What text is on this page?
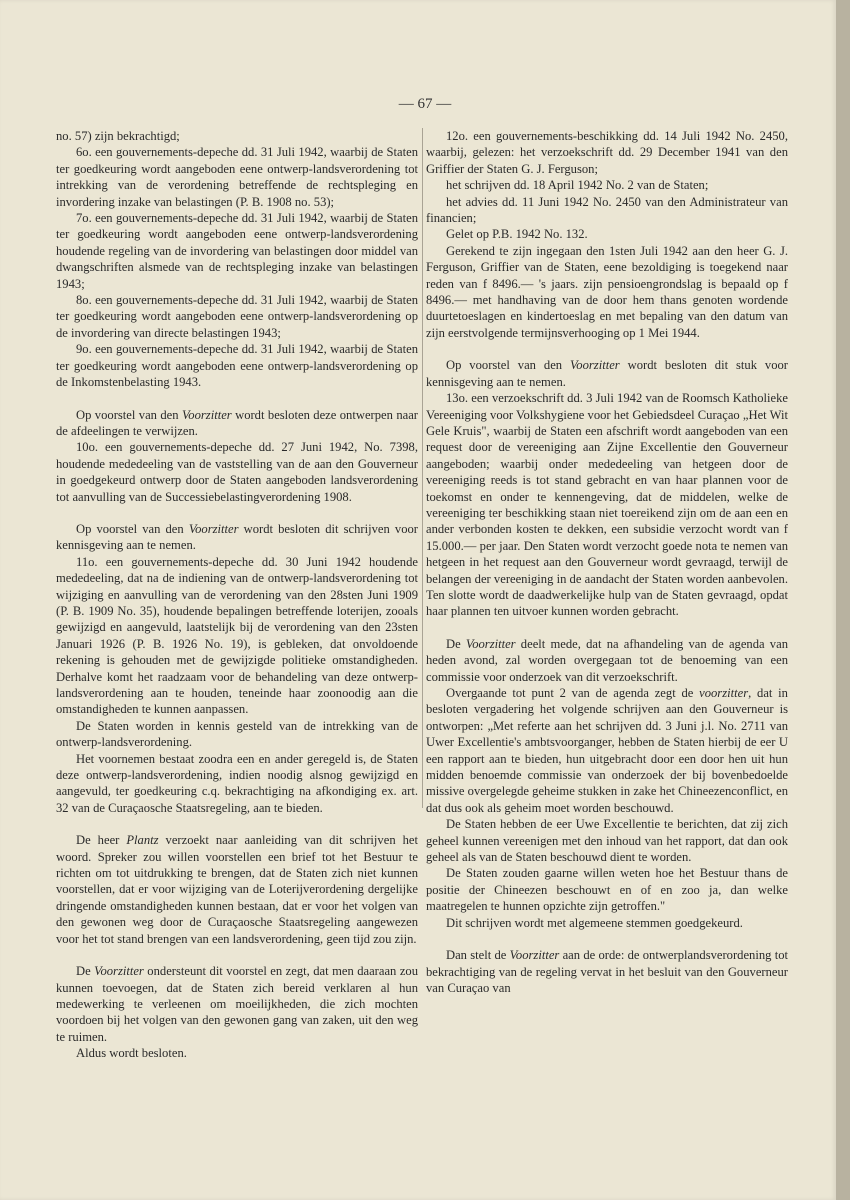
— 67 —

no. 57) zijn bekrachtigd;

6o. een gouvernements-depeche dd. 31 Juli 1942, waarbij de Staten ter goedkeuring wordt aangeboden eene ontwerp-landsverordening tot intrekking van de verordening betreffende de rechtspleging en invordering inzake van belastingen (P. B. 1908 no. 53);

7o. een gouvernements-depeche dd. 31 Juli 1942, waarbij de Staten ter goedkeuring wordt aangeboden eene ontwerp-landsverordening houdende regeling van de invordering van belastingen door middel van dwangschriften alsmede van de rechtspleging inzake van belastingen 1943;

8o. een gouvernements-depeche dd. 31 Juli 1942, waarbij de Staten ter goedkeuring wordt aangeboden eene ontwerp-landsverordening op de invordering van directe belastingen 1943;

9o. een gouvernements-depeche dd. 31 Juli 1942, waarbij de Staten ter goedkeuring wordt aangeboden eene ontwerp-landsverordening op de Inkomstenbelasting 1943.

Op voorstel van den Voorzitter wordt besloten deze ontwerpen naar de afdeelingen te verwijzen.

10o. een gouvernements-depeche dd. 27 Juni 1942, No. 7398, houdende mededeeling van de vaststelling van de aan den Gouverneur in goedgekeurd ontwerp door de Staten aangeboden landsverordening tot aanvulling van de Successiebelastingverordening 1908.

Op voorstel van den Voorzitter wordt besloten dit schrijven voor kennisgeving aan te nemen.

11o. een gouvernements-depeche dd. 30 Juni 1942 houdende mededeeling, dat na de indiening van de ontwerp-landsverordening tot wijziging en aanvulling van de verordening van den 28sten Juni 1909 (P. B. 1909 No. 35), houdende bepalingen betreffende loterijen, zooals gewijzigd en aangevuld, laatstelijk bij de verordening van den 23sten Januari 1926 (P. B. 1926 No. 19), is gebleken, dat onvoldoende rekening is gehouden met de gewijzigde politieke omstandigheden. Derhalve komt het raadzaam voor de behandeling van deze ontwerp-landsverordening aan te houden, teneinde haar zoonoodig aan die omstandigheden te kunnen aanpassen.

De Staten worden in kennis gesteld van de intrekking van de ontwerp-landsverordening.

Het voornemen bestaat zoodra een en ander geregeld is, de Staten deze ontwerp-landsverordening, indien noodig alsnog gewijzigd en aangevuld, ter goedkeuring c.q. bekrachtiging na afkondiging ex. art. 32 van de Curaçaosche Staatsregeling, aan te bieden.

De heer Plantz verzoekt naar aanleiding van dit schrijven het woord. Spreker zou willen voorstellen een brief tot het Bestuur te richten om tot uitdrukking te brengen, dat de Staten zich niet kunnen voorstellen, dat er voor wijziging van de Loterijverordening dergelijke dringende omstandigheden kunnen bestaan, dat er voor het volgen van den gewonen weg door de Curaçaosche Staatsregeling aangewezen voor het tot stand brengen van een landsverordening, geen tijd zou zijn.

De Voorzitter ondersteunt dit voorstel en zegt, dat men daaraan zou kunnen toevoegen, dat de Staten zich bereid verklaren al hun medewerking te verleenen om moeilijkheden, die zich mochten voordoen bij het volgen van den gewonen gang van zaken, uit den weg te ruimen.

Aldus wordt besloten.

12o. een gouvernements-beschikking dd. 14 Juli 1942 No. 2450, waarbij, gelezen: het verzoekschrift dd. 29 December 1941 van den Griffier der Staten G. J. Ferguson;

het schrijven dd. 18 April 1942 No. 2 van de Staten;

het advies dd. 11 Juni 1942 No. 2450 van den Administrateur van financien;

Gelet op P.B. 1942 No. 132.

Gerekend te zijn ingegaan den 1sten Juli 1942 aan den heer G. J. Ferguson, Griffier van de Staten, eene bezoldiging is toegekend naar reden van f 8496.— 's jaars. zijn pensioengrondslag is bepaald op f 8496.— met handhaving van de door hem thans genoten wordende duurtetoeslagen en kindertoeslag en met bepaling van den datum van zijn eerstvolgende termijnsverhooging op 1 Mei 1944.

Op voorstel van den Voorzitter wordt besloten dit stuk voor kennisgeving aan te nemen.

13o. een verzoekschrift dd. 3 Juli 1942 van de Roomsch Katholieke Vereeniging voor Volkshygiene voor het Gebiedsdeel Curaçao „Het Wit Gele Kruis", waarbij de Staten een afschrift wordt aangeboden van een request door de vereeniging aan Zijne Excellentie den Gouverneur aangeboden; waarbij onder mededeeling van hetgeen door de vereeniging reeds is tot stand gebracht en van haar plannen voor de toekomst en onder te kennengeving, dat de middelen, welke de vereeniging ter beschikking staan niet toereikend zijn om de aan een en ander verbonden kosten te dekken, een subsidie verzocht wordt van f 15.000.— per jaar. Den Staten wordt verzocht goede nota te nemen van hetgeen in het request aan den Gouverneur wordt gevraagd, terwijl de belangen der vereeniging in de aandacht der Staten worden aanbevolen. Ten slotte wordt de daadwerkelijke hulp van de Staten gevraagd, opdat haar plannen ten uitvoer kunnen worden gebracht.

De Voorzitter deelt mede, dat na afhandeling van de agenda van heden avond, zal worden overgegaan tot de benoeming van een commissie voor onderzoek van dit verzoekschrift.

Overgaande tot punt 2 van de agenda zegt de voorzitter, dat in besloten vergadering het volgende schrijven aan den Gouverneur is ontworpen: „Met referte aan het schrijven dd. 3 Juni j.l. No. 2711 van Uwer Excellentie's ambtsvoorganger, hebben de Staten hierbij de eer U een rapport aan te bieden, hun uitgebracht door een door hen uit hun midden benoemde commissie van onderzoek der bij bovenbedoelde missive overgelegde geheime stukken in zake het Chineezenconflict, en dat dus ook als geheim moet worden beschouwd.

De Staten hebben de eer Uwe Excellentie te berichten, dat zij zich geheel kunnen vereenigen met den inhoud van het rapport, dat dan ook geheel als van de Staten beschouwd dient te worden.

De Staten zouden gaarne willen weten hoe het Bestuur thans de positie der Chineezen beschouwt en of en zoo ja, dan welke maatregelen te hunnen opzichte zijn getroffen."

Dit schrijven wordt met algemeene stemmen goedgekeurd.

Dan stelt de Voorzitter aan de orde: de ontwerplandsverordening tot bekrachtiging van de regeling vervat in het besluit van den Gouverneur van Curaçao van
